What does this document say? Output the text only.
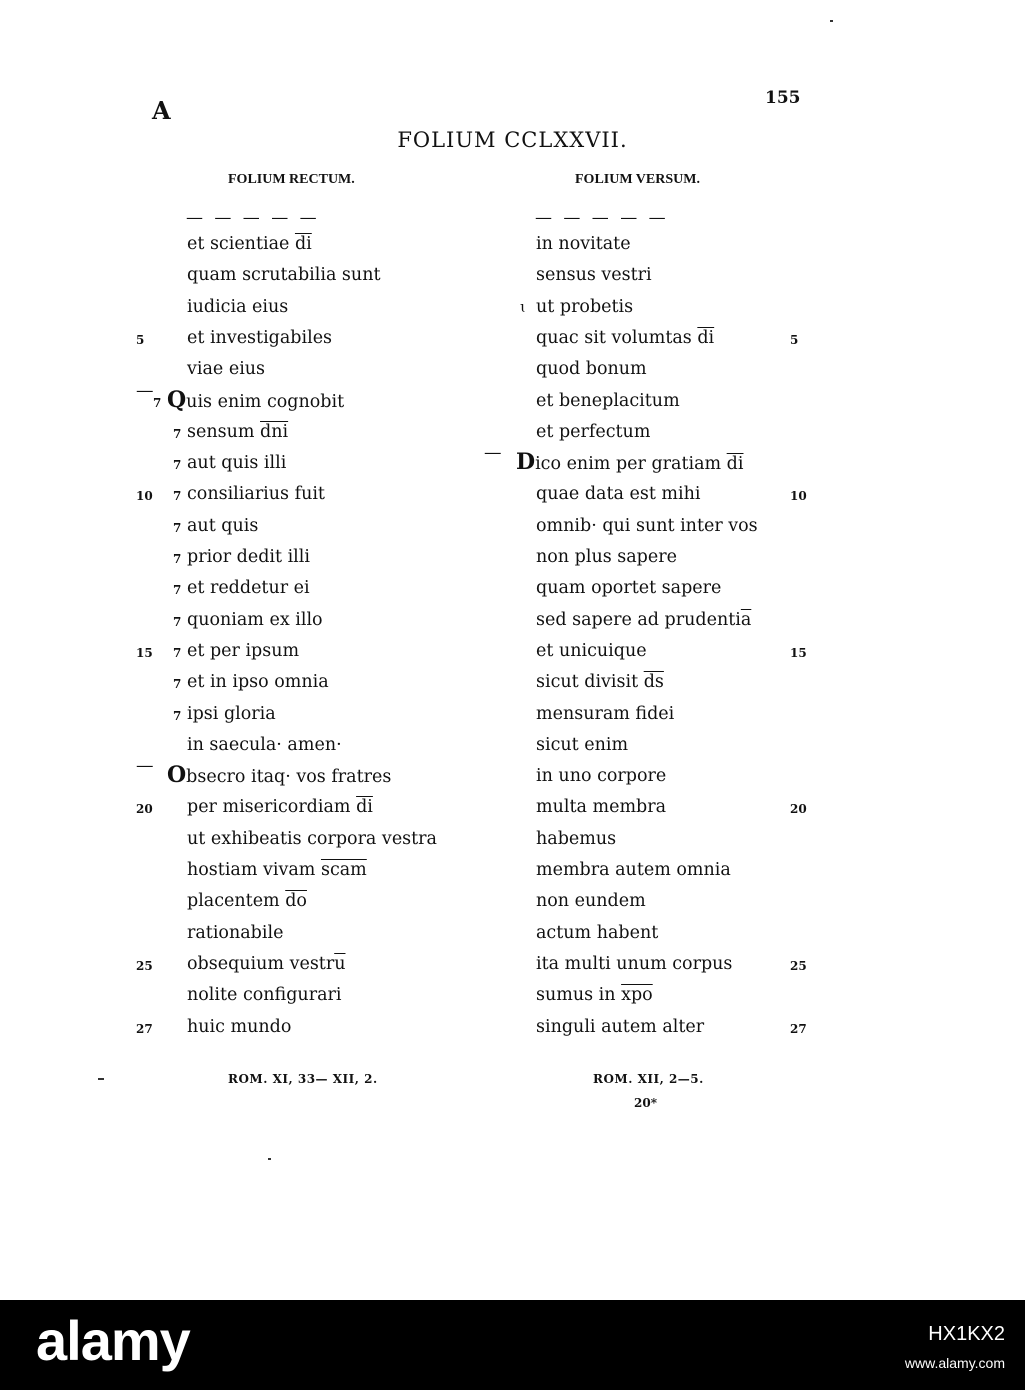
A	155
FOLIUM CCLXXVII.
FOLIUM RECTUM.	FOLIUM VERSUM.
— — — — —	— — — — —
et scientiae $\overline{di}$
quam scrutabilia sunt
iudicia eius
5 et investigabiles
viae eius
—
7 Quis enim cognobit
7 sensum $\overline{dni}$
7 aut quis illi
10 7 consiliarius fuit
7 aut quis
7 prior dedit illi
7 et reddetur ei
7 quoniam ex illo
15 7 et per ipsum
7 et in ipso omnia
7 ipsi gloria
in saecula· amen·
— Obsecro itaq· vos fratres
20 per misericordiam $\overline{di}$
ut exhibeatis corpora vestra
hostiam vivam scam
placentem $\overline{do}$
rationabile
25 obsequium $vestr\overline{u}$
nolite configurari
27 huic mundo
in novitate
sensus vestri
ɩ ut probetis
5
quac sit volumtas $\overline{di}$
quod bonum
et beneplacitum
et perfectum
— Dico enim per gratiam $\overline{di}$
10
quae data est mihi
omnib· qui sunt inter vos
non plus sapere
quam oportet sapere
sed sapere ad $prudenti\overline{a}$
15
et unicuique
sicut divisit $\overline{ds}$
mensuram fidei
sicut enim
in uno corpore
20
multa membra
habemus
membra autem omnia
non eundem
actum habent
25
ita multi unum corpus
sumus in $\overline{xpo}$
27
singuli autem alter
ROM. XI, 33— XII, 2.	ROM. XII, 2—5.
20*
alamy	HX1KX2
www.alamy.com
